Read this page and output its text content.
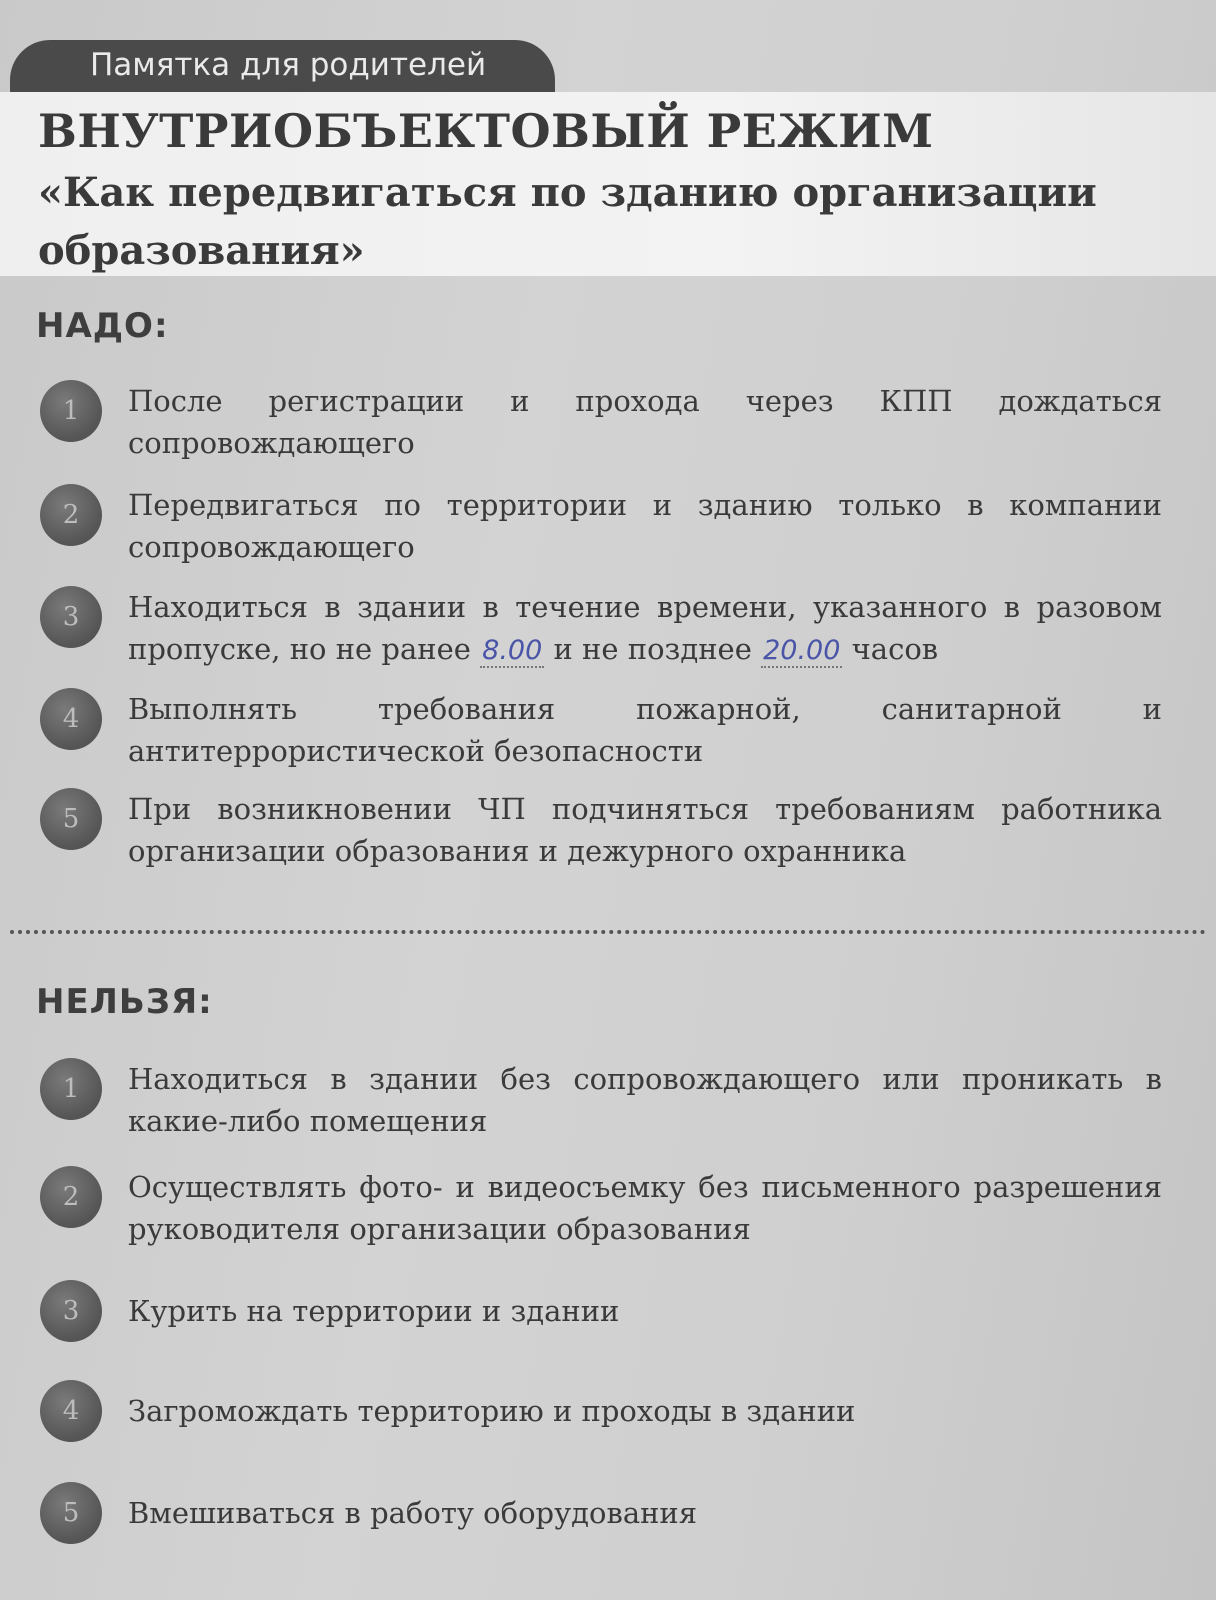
Памятка для родителей
ВНУТРИОБЪЕКТОВЫЙ РЕЖИМ
«Как передвигаться по зданию организации образования»
НАДО:
1	После регистрации и прохода через КПП дождаться сопровождающего
2	Передвигаться по территории и зданию только в компании сопровождающего
3	Находиться в здании в течение времени, указанного в разовом пропуске, но не ранее 8.00 и не позднее 20.00 часов
4	Выполнять требования пожарной, санитарной и антитеррористической безопасности
5	При возникновении ЧП подчиняться требованиям работника организации образования и дежурного охранника
НЕЛЬЗЯ:
1	Находиться в здании без сопровождающего или проникать в какие-либо помещения
2	Осуществлять фото- и видеосъемку без письменного разрешения руководителя организации образования
3	Курить на территории и здании
4	Загромождать территорию и проходы в здании
5	Вмешиваться в работу оборудования
